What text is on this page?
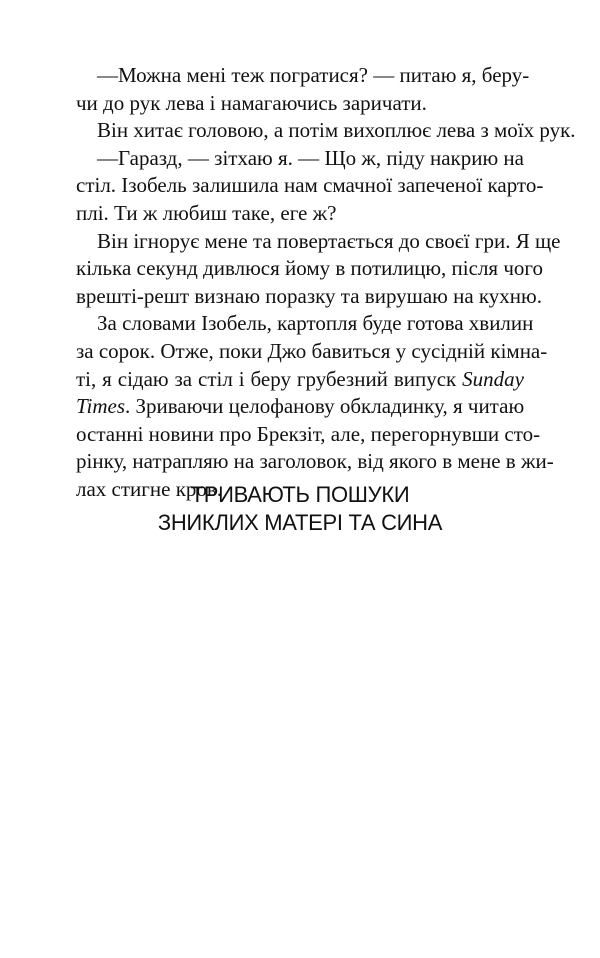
—Можна мені теж погратися? — питаю я, беру-
чи до рук лева і намагаючись заричати.
Він хитає головою, а потім вихоплює лева з моїх рук.
—Гаразд, — зітхаю я. — Що ж, піду накрию на
стіл. Ізобель залишила нам смачної запеченої карто-
плі. Ти ж любиш таке, еге ж?
Він ігнорує мене та повертається до своєї гри. Я ще
кілька секунд дивлюся йому в потилицю, після чого
врешті-решт визнаю поразку та вирушаю на кухню.
За словами Ізобель, картопля буде готова хвилин
за сорок. Отже, поки Джо бавиться у сусідній кімна-
ті, я сідаю за стіл і беру грубезний випуск Sunday
Times. Зриваючи целофанову обкладинку, я читаю
останні новини про Брекзіт, але, перегорнувши сто-
рінку, натрапляю на заголовок, від якого в мене в жи-
лах стигне кров.
ТРИВАЮТЬ ПОШУКИ
ЗНИКЛИХ МАТЕРІ ТА СИНА
